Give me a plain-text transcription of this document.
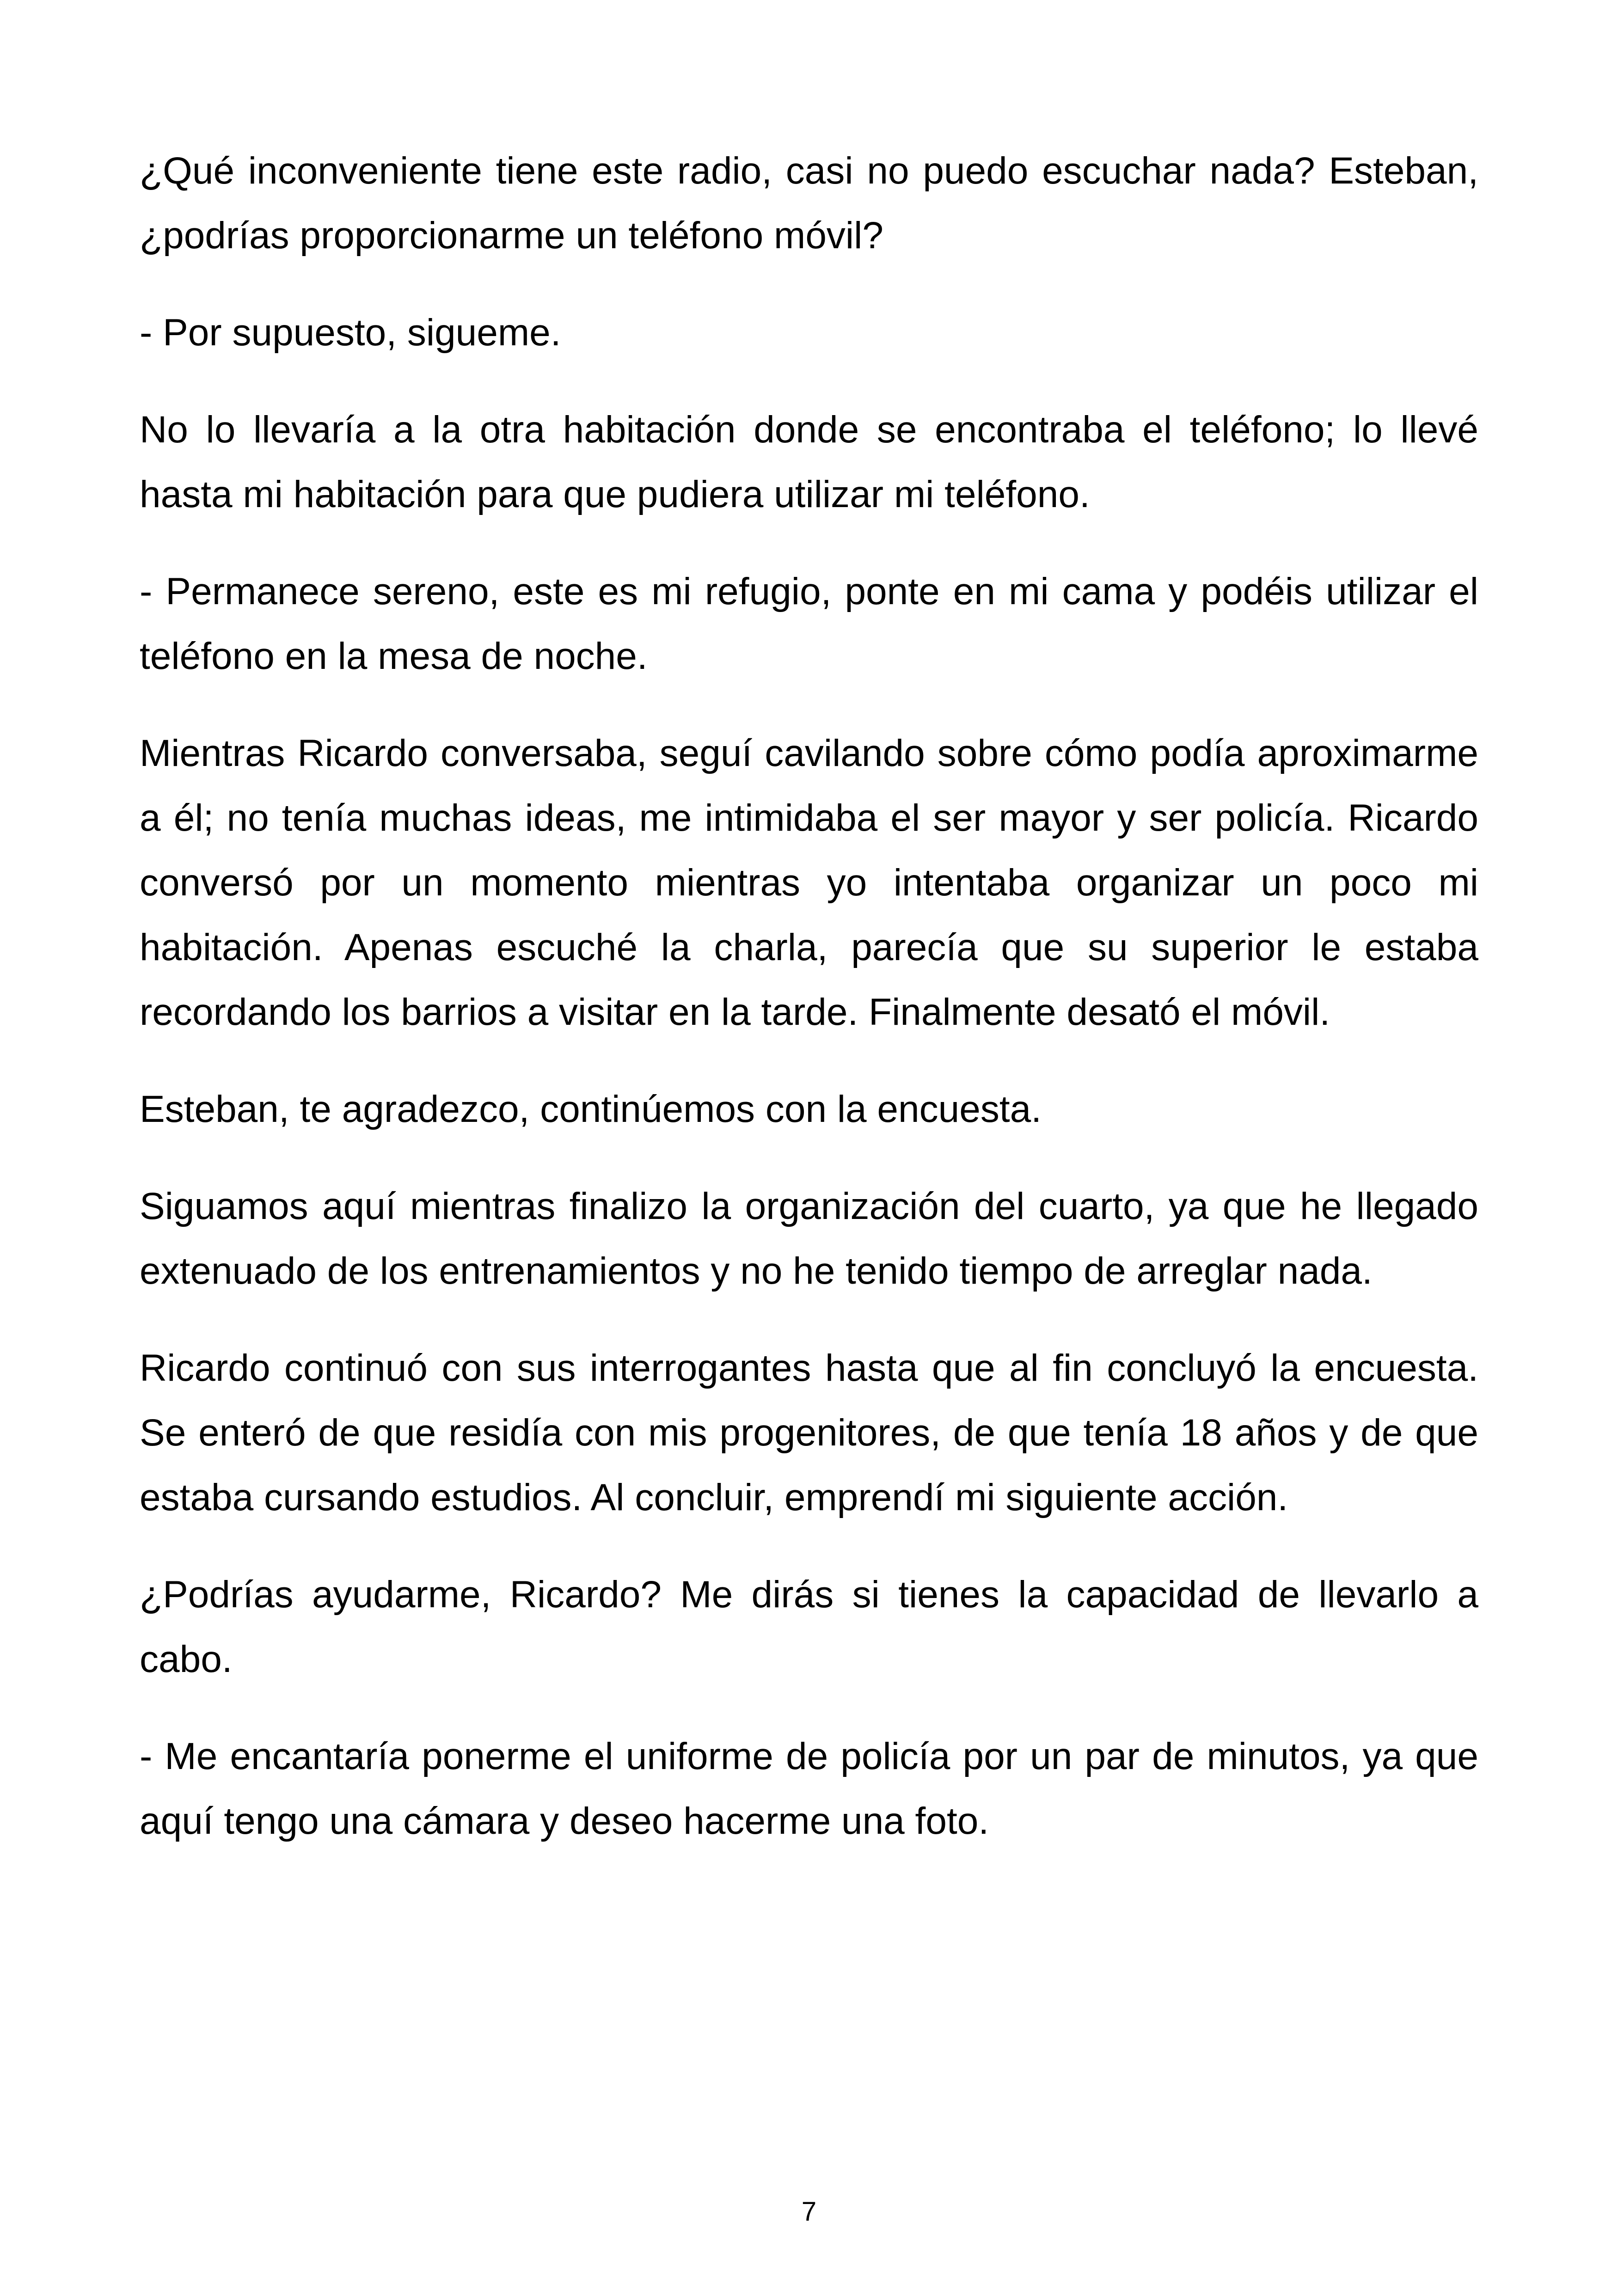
¿Qué inconveniente tiene este radio, casi no puedo escuchar nada? Esteban, ¿podrías proporcionarme un teléfono móvil?

- Por supuesto, sigueme.

No lo llevaría a la otra habitación donde se encontraba el teléfono; lo llevé hasta mi habitación para que pudiera utilizar mi teléfono.

- Permanece sereno, este es mi refugio, ponte en mi cama y podéis utilizar el teléfono en la mesa de noche.

Mientras Ricardo conversaba, seguí cavilando sobre cómo podía aproximarme a él; no tenía muchas ideas, me intimidaba el ser mayor y ser policía. Ricardo conversó por un momento mientras yo intentaba organizar un poco mi habitación. Apenas escuché la charla, parecía que su superior le estaba recordando los barrios a visitar en la tarde. Finalmente desató el móvil.

Esteban, te agradezco, continúemos con la encuesta.

Siguamos aquí mientras finalizo la organización del cuarto, ya que he llegado extenuado de los entrenamientos y no he tenido tiempo de arreglar nada.

Ricardo continuó con sus interrogantes hasta que al fin concluyó la encuesta. Se enteró de que residía con mis progenitores, de que tenía 18 años y de que estaba cursando estudios. Al concluir, emprendí mi siguiente acción.

¿Podrías ayudarme, Ricardo? Me dirás si tienes la capacidad de llevarlo a cabo.

- Me encantaría ponerme el uniforme de policía por un par de minutos, ya que aquí tengo una cámara y deseo hacerme una foto.

7
